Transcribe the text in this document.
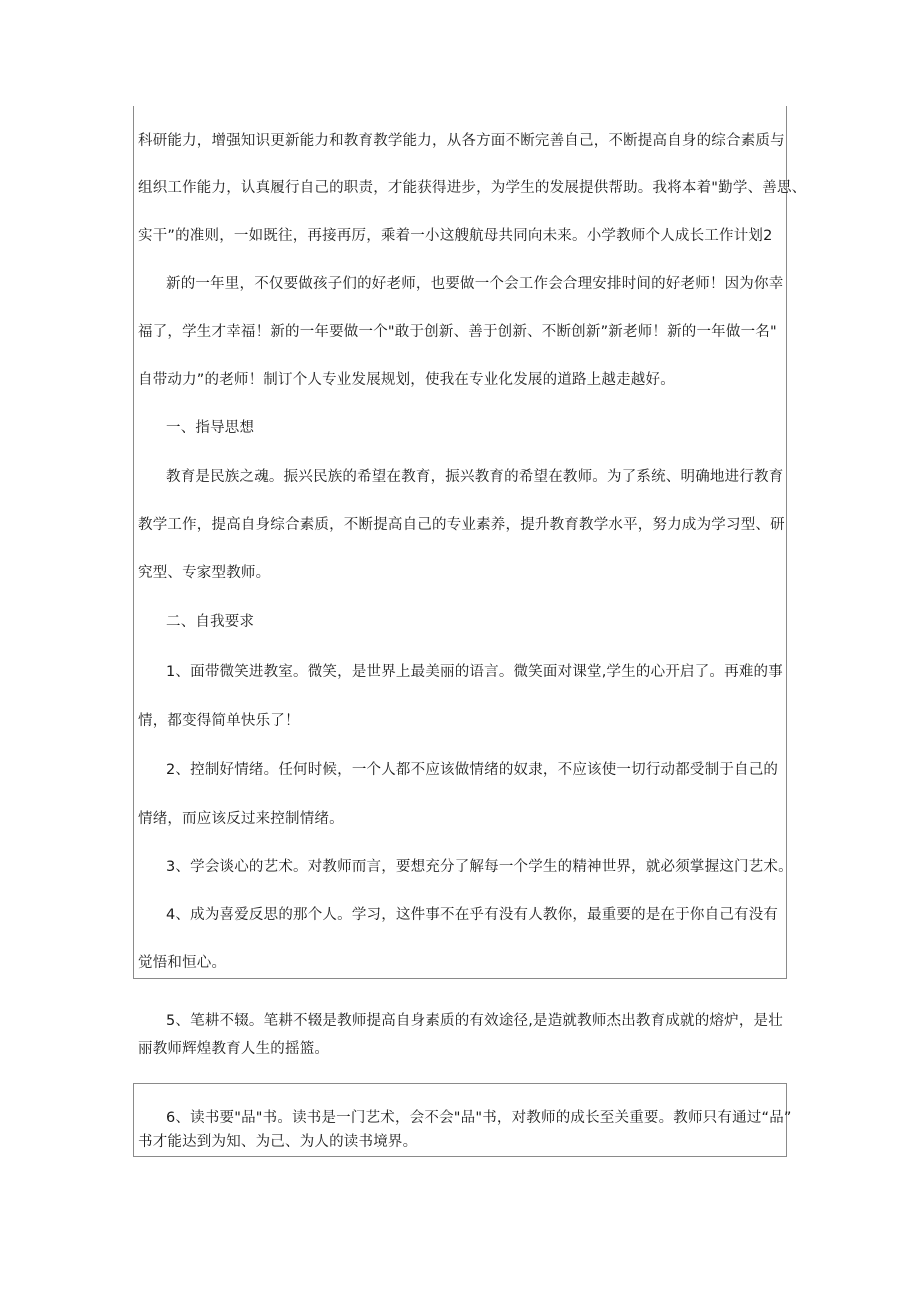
科研能力，增强知识更新能力和教育教学能力，从各方面不断完善自己，不断提高自身的综合素质与
组织工作能力，认真履行自己的职责，才能获得进步，为学生的发展提供帮助。我将本着"勤学、善思、
实干”的准则，一如既往，再接再厉，乘着一小这艘航母共同向未来。小学教师个人成长工作计划2
新的一年里，不仅要做孩子们的好老师，也要做一个会工作会合理安排时间的好老师！因为你幸
福了，学生才幸福！新的一年要做一个"敢于创新、善于创新、不断创新”新老师！新的一年做一名"
自带动力”的老师！制订个人专业发展规划，使我在专业化发展的道路上越走越好。
一、指导思想
教育是民族之魂。振兴民族的希望在教育，振兴教育的希望在教师。为了系统、明确地进行教育
教学工作，提高自身综合素质，不断提高自己的专业素养，提升教育教学水平，努力成为学习型、研
究型、专家型教师。
二、自我要求
1、面带微笑进教室。微笑，是世界上最美丽的语言。微笑面对课堂,学生的心开启了。再难的事
情，都变得简单快乐了！
2、控制好情绪。任何时候，一个人都不应该做情绪的奴隶，不应该使一切行动都受制于自己的
情绪，而应该反过来控制情绪。
3、学会谈心的艺术。对教师而言，要想充分了解每一个学生的精神世界，就必须掌握这门艺术。
4、成为喜爱反思的那个人。学习，这件事不在乎有没有人教你，最重要的是在于你自己有没有
觉悟和恒心。
5、笔耕不辍。笔耕不辍是教师提高自身素质的有效途径,是造就教师杰出教育成就的熔炉，是壮
丽教师辉煌教育人生的摇篮。
6、读书要"品"书。读书是一门艺术，会不会"品"书，对教师的成长至关重要。教师只有通过“品”
书才能达到为知、为己、为人的读书境界。
